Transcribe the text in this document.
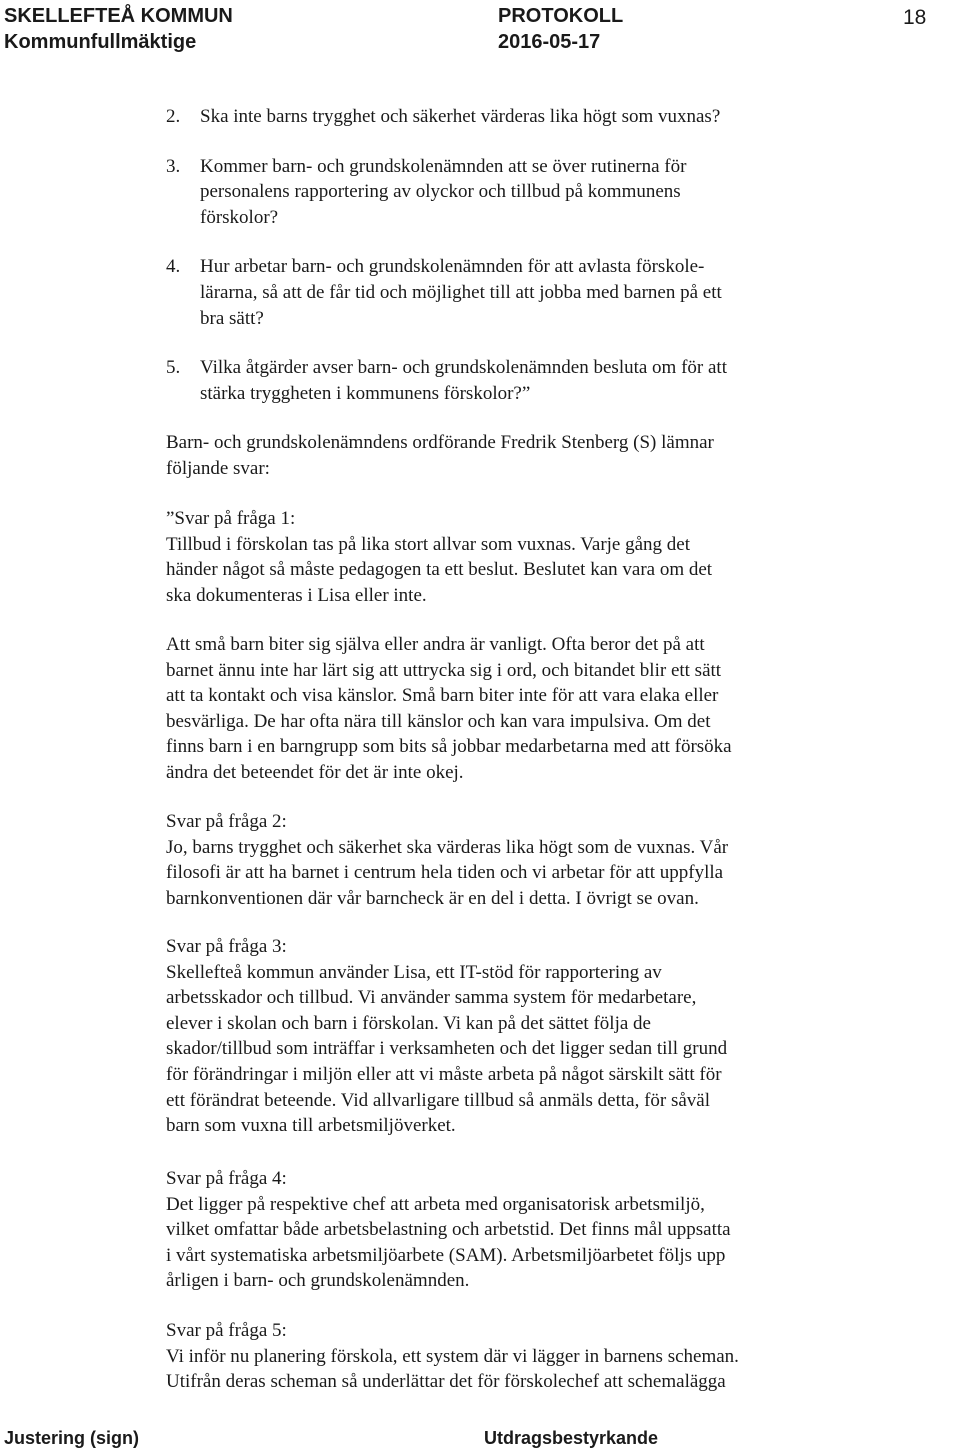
SKELLEFTEÅ KOMMUN
Kommunfullmäktige
PROTOKOLL
2016-05-17
18
2. Ska inte barns trygghet och säkerhet värderas lika högt som vuxnas?
3. Kommer barn- och grundskolenämnden att se över rutinerna för
personalens rapportering av olyckor och tillbud på kommunens
förskolor?
4. Hur arbetar barn- och grundskolenämnden för att avlasta förskole-
lärarna, så att de får tid och möjlighet till att jobba med barnen på ett
bra sätt?
5. Vilka åtgärder avser barn- och grundskolenämnden besluta om för att
stärka tryggheten i kommunens förskolor?”
Barn- och grundskolenämndens ordförande Fredrik Stenberg (S) lämnar
följande svar:
”Svar på fråga 1:
Tillbud i förskolan tas på lika stort allvar som vuxnas. Varje gång det
händer något så måste pedagogen ta ett beslut. Beslutet kan vara om det
ska dokumenteras i Lisa eller inte.
Att små barn biter sig själva eller andra är vanligt. Ofta beror det på att
barnet ännu inte har lärt sig att uttrycka sig i ord, och bitandet blir ett sätt
att ta kontakt och visa känslor. Små barn biter inte för att vara elaka eller
besvärliga. De har ofta nära till känslor och kan vara impulsiva. Om det
finns barn i en barngrupp som bits så jobbar medarbetarna med att försöka
ändra det beteendet för det är inte okej.
Svar på fråga 2:
Jo, barns trygghet och säkerhet ska värderas lika högt som de vuxnas. Vår
filosofi är att ha barnet i centrum hela tiden och vi arbetar för att uppfylla
barnkonventionen där vår barncheck är en del i detta. I övrigt se ovan.
Svar på fråga 3:
Skellefteå kommun använder Lisa, ett IT-stöd för rapportering av
arbetsskador och tillbud. Vi använder samma system för medarbetare,
elever i skolan och barn i förskolan. Vi kan på det sättet följa de
skador/tillbud som inträffar i verksamheten och det ligger sedan till grund
för förändringar i miljön eller att vi måste arbeta på något särskilt sätt för
ett förändrat beteende. Vid allvarligare tillbud så anmäls detta, för såväl
barn som vuxna till arbetsmiljöverket.
Svar på fråga 4:
Det ligger på respektive chef att arbeta med organisatorisk arbetsmiljö,
vilket omfattar både arbetsbelastning och arbetstid. Det finns mål uppsatta
i vårt systematiska arbetsmiljöarbete (SAM). Arbetsmiljöarbetet följs upp
årligen i barn- och grundskolenämnden.
Svar på fråga 5:
Vi inför nu planering förskola, ett system där vi lägger in barnens scheman.
Utifrån deras scheman så underlättar det för förskolechef att schemalägga
Justering (sign)	Utdragsbestyrkande
